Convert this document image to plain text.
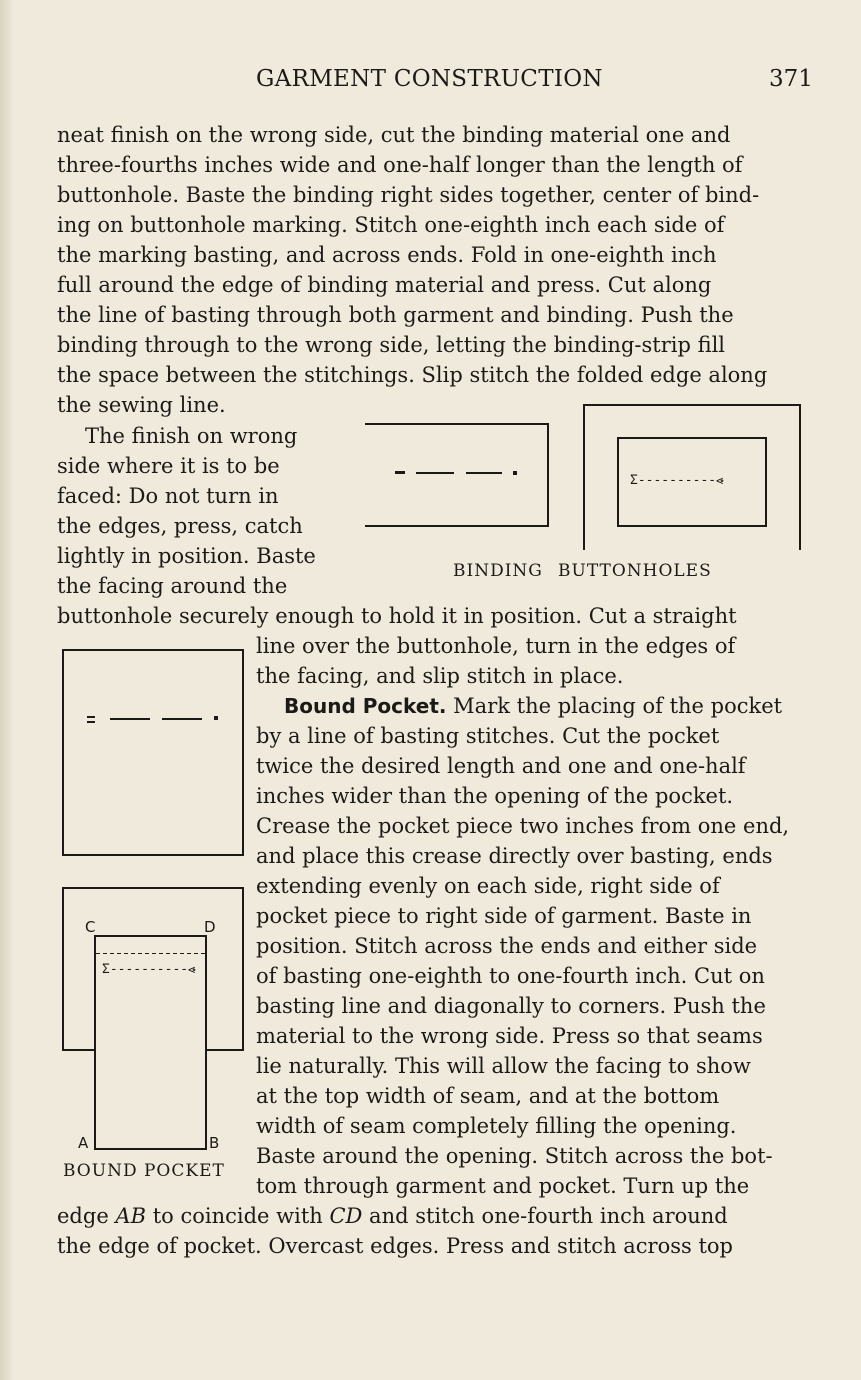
GARMENT CONSTRUCTION	371
neat finish on the wrong side, cut the binding material one and
three-fourths inches wide and one-half longer than the length of
buttonhole. Baste the binding right sides together, center of bind-
ing on buttonhole marking. Stitch one-eighth inch each side of
the marking basting, and across ends. Fold in one-eighth inch
full around the edge of binding material and press. Cut along
the line of basting through both garment and binding. Push the
binding through to the wrong side, letting the binding-strip fill
the space between the stitchings. Slip stitch the folded edge along
the sewing line.
The finish on wrong
side where it is to be
faced: Do not turn in
the edges, press, catch
lightly in position. Baste
the facing around the
Σ----------⩹
BINDING BUTTONHOLES
buttonhole securely enough to hold it in position. Cut a straight
line over the buttonhole, turn in the edges of
the facing, and slip stitch in place.
Bound Pocket. Mark the placing of the pocket
by a line of basting stitches. Cut the pocket
twice the desired length and one and one-half
inches wider than the opening of the pocket.
Crease the pocket piece two inches from one end,
and place this crease directly over basting, ends
extending evenly on each side, right side of
pocket piece to right side of garment. Baste in
position. Stitch across the ends and either side
of basting one-eighth to one-fourth inch. Cut on
basting line and diagonally to corners. Push the
material to the wrong side. Press so that seams
lie naturally. This will allow the facing to show
at the top width of seam, and at the bottom
width of seam completely filling the opening.
Baste around the opening. Stitch across the bot-
tom through garment and pocket. Turn up the
Σ----------⩹
C	D
A	B
BOUND POCKET
edge AB to coincide with CD and stitch one-fourth inch around
the edge of pocket. Overcast edges. Press and stitch across top
